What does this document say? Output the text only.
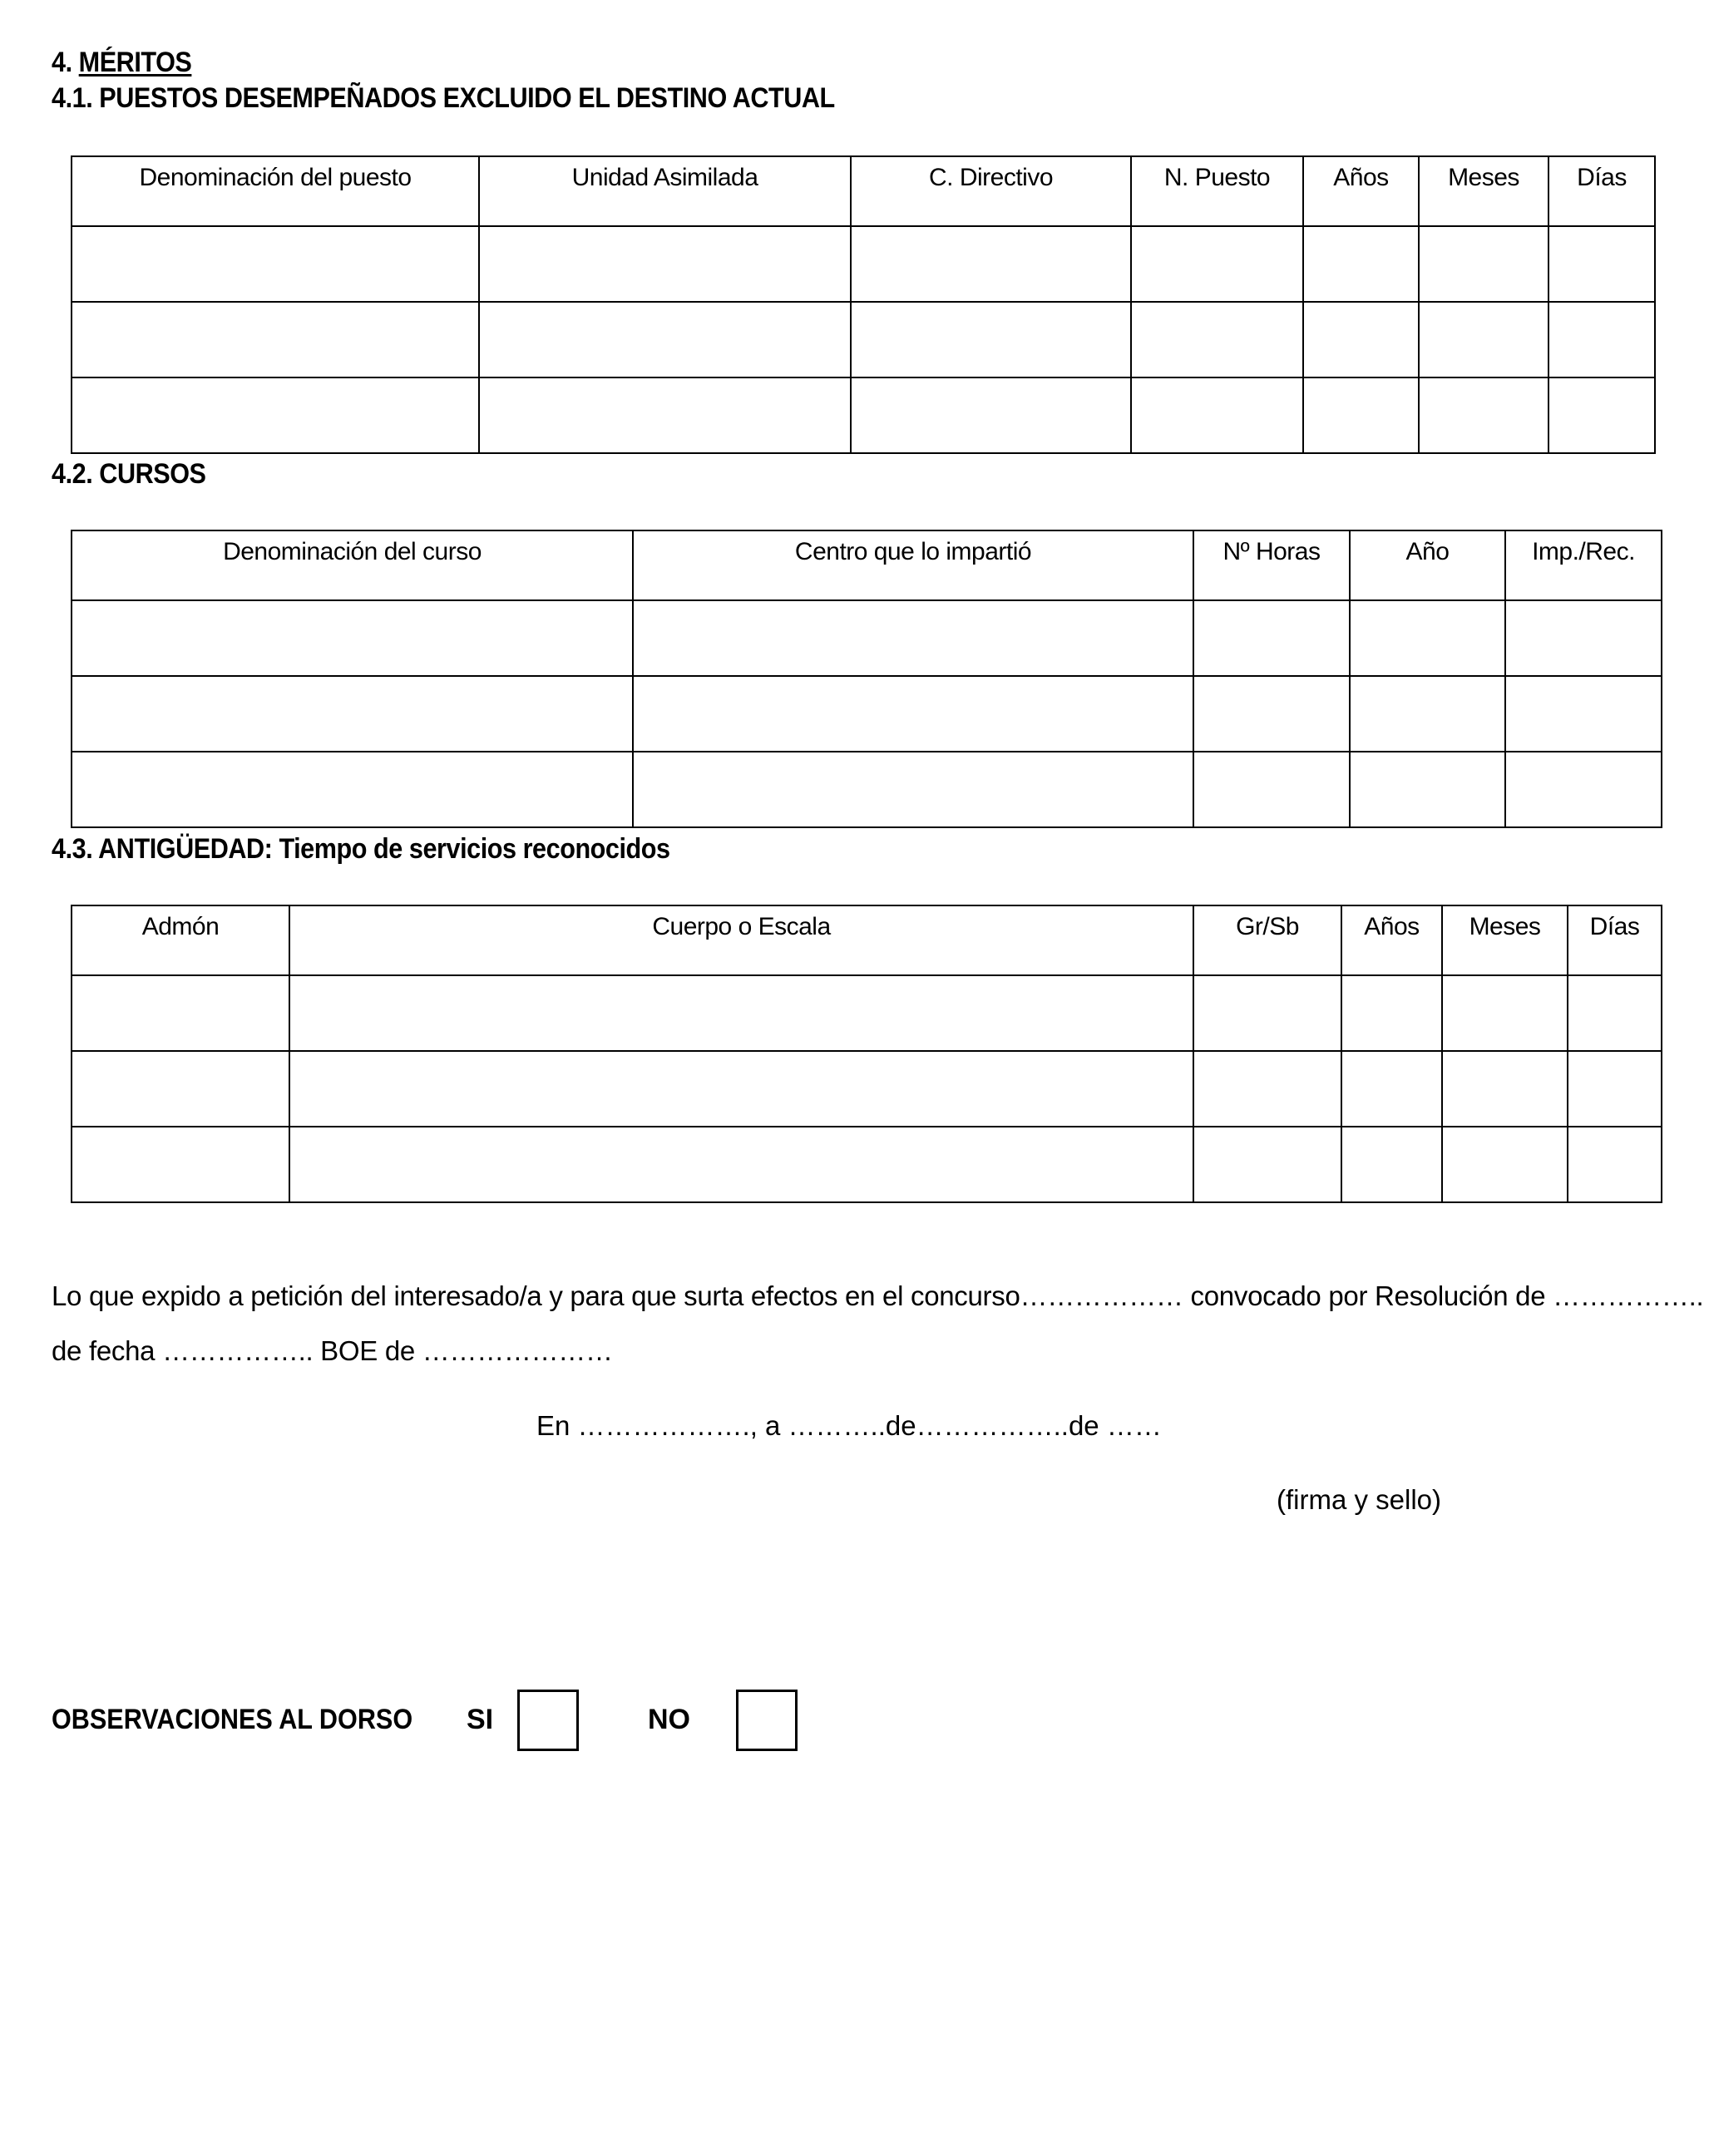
4. MÉRITOS
4.1. PUESTOS DESEMPEÑADOS EXCLUIDO EL DESTINO ACTUAL
Denominación del puesto	Unidad Asimilada	C. Directivo	N. Puesto	Años	Meses	Días

4.2. CURSOS
Denominación del curso	Centro que lo impartió	Nº Horas	Año	Imp./Rec.

4.3. ANTIGÜEDAD: Tiempo de servicios reconocidos
Admón	Cuerpo o Escala	Gr/Sb	Años	Meses	Días

Lo que expido a petición del interesado/a y para que surta efectos en el concurso……………… convocado por Resolución de ……………..
de fecha …………….. BOE de …………………
En ………………., a ………..de……………..de ……
(firma y sello)
OBSERVACIONES AL DORSO SI	NO
